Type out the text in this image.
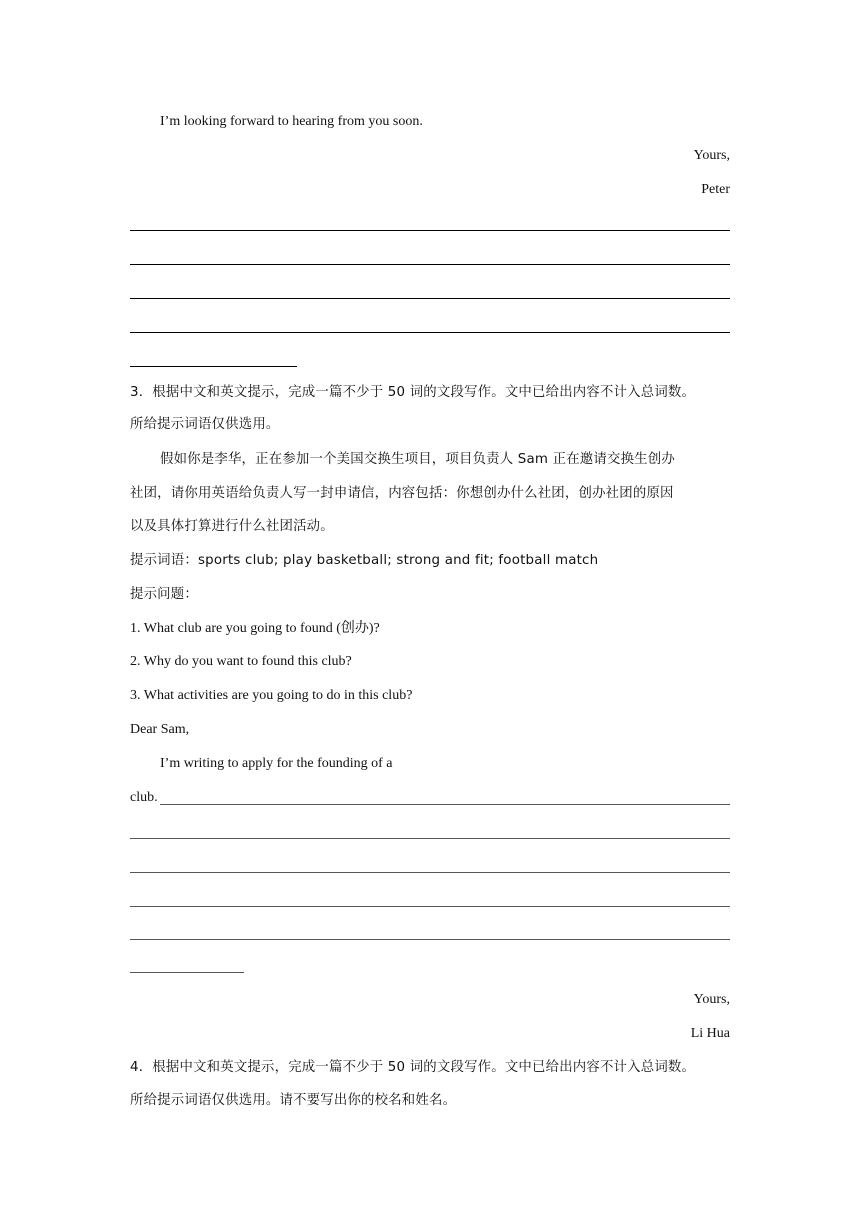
I’m looking forward to hearing from you soon.
Yours,
Peter
3．根据中文和英文提示，完成一篇不少于 50 词的文段写作。文中已给出内容不计入总词数。
所给提示词语仅供选用。
假如你是李华，正在参加一个美国交换生项目，项目负责人 Sam 正在邀请交换生创办
社团，请你用英语给负责人写一封申请信，内容包括：你想创办什么社团，创办社团的原因
以及具体打算进行什么社团活动。
提示词语：sports club; play basketball; strong and fit; football match
提示问题：
1. What club are you going to found (创办)?
2. Why do you want to found this club?
3. What activities are you going to do in this club?
Dear Sam,
I’m writing to apply for the founding of a
club.
Yours,
Li Hua
4．根据中文和英文提示，完成一篇不少于 50 词的文段写作。文中已给出内容不计入总词数。
所给提示词语仅供选用。请不要写出你的校名和姓名。
